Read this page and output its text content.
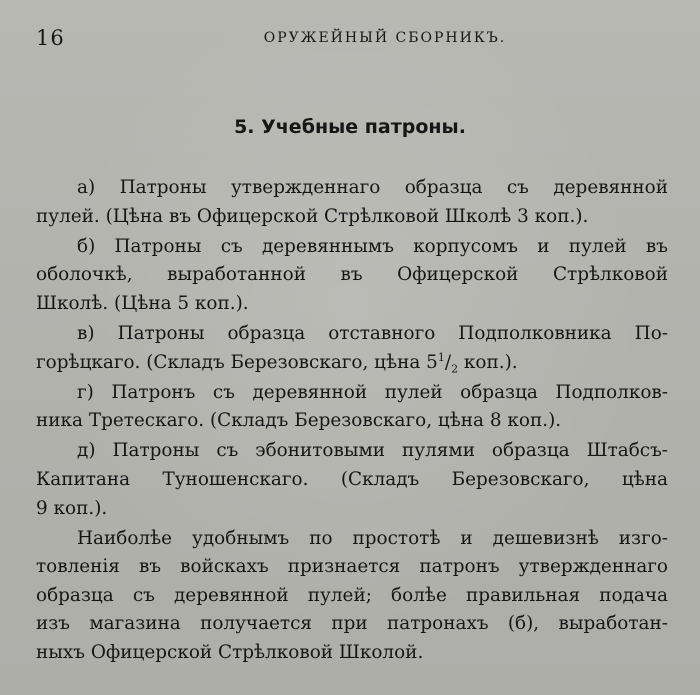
16	ОРУЖЕЙНЫЙ СБОРНИКЪ.
5. Учебные патроны.

а) Патроны утвержденнаго образца съ деревянной
пулей. (Цѣна въ Офицерской Стрѣлковой Школѣ 3 коп.).

б) Патроны съ деревяннымъ корпусомъ и пулей въ
оболочкѣ, выработанной въ Офицерской Стрѣлковой
Школѣ. (Цѣна 5 коп.).

в) Патроны образца отставного Подполковника По-
горѣцкаго. (Складъ Березовскаго, цѣна $5^1/_2$ коп.).

г) Патронъ съ деревянной пулей образца Подполков-
ника Третескаго. (Складъ Березовскаго, цѣна 8 коп.).

д) Патроны съ эбонитовыми пулями образца Штабсъ-
Капитана Туношенскаго. (Складъ Березовскаго, цѣна
9 коп.).

Наиболѣе удобнымъ по простотѣ и дешевизнѣ изго-
товленія въ войскахъ признается патронъ утвержденнаго
образца съ деревянной пулей; болѣе правильная подача
изъ магазина получается при патронахъ (б), выработан-
ныхъ Офицерской Стрѣлковой Школой.
